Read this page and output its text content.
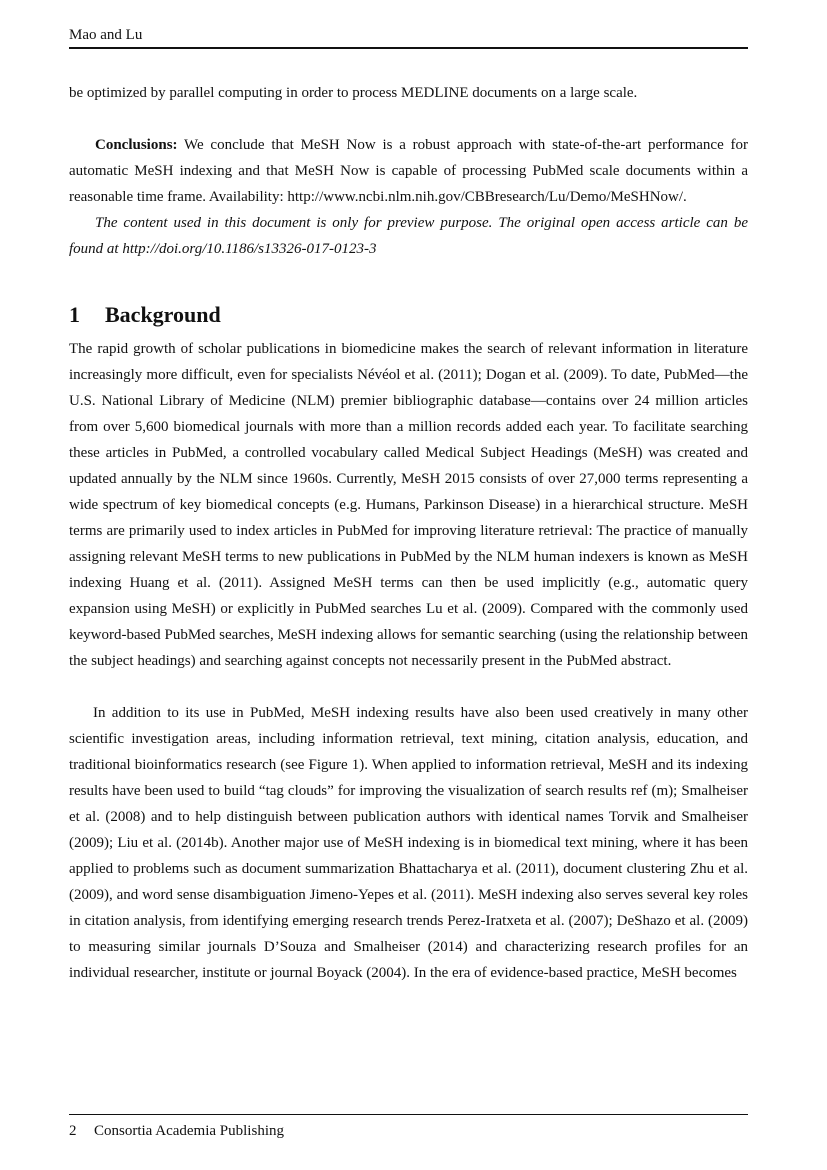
Mao and Lu

be optimized by parallel computing in order to process MEDLINE documents on a large scale.

Conclusions: We conclude that MeSH Now is a robust approach with state-of-the-art performance for automatic MeSH indexing and that MeSH Now is capable of processing PubMed scale documents within a reasonable time frame. Availability: http://www.ncbi.nlm.nih.gov/CBBresearch/Lu/Demo/MeSHNow/.

The content used in this document is only for preview purpose. The original open access article can be found at http://doi.org/10.1186/s13326-017-0123-3

1 Background

The rapid growth of scholar publications in biomedicine makes the search of relevant information in literature increasingly more difficult, even for specialists Névéol et al. (2011); Dogan et al. (2009). To date, PubMed—the U.S. National Library of Medicine (NLM) premier bibliographic database—contains over 24 million articles from over 5,600 biomedical journals with more than a million records added each year. To facilitate searching these articles in PubMed, a controlled vocabulary called Medical Subject Headings (MeSH) was created and updated annually by the NLM since 1960s. Currently, MeSH 2015 consists of over 27,000 terms representing a wide spectrum of key biomedical concepts (e.g. Humans, Parkinson Disease) in a hierarchical structure. MeSH terms are primarily used to index articles in PubMed for improving literature retrieval: The practice of manually assigning relevant MeSH terms to new publications in PubMed by the NLM human indexers is known as MeSH indexing Huang et al. (2011). Assigned MeSH terms can then be used implicitly (e.g., automatic query expansion using MeSH) or explicitly in PubMed searches Lu et al. (2009). Compared with the commonly used keyword-based PubMed searches, MeSH indexing allows for semantic searching (using the relationship between the subject headings) and searching against concepts not necessarily present in the PubMed abstract.

In addition to its use in PubMed, MeSH indexing results have also been used creatively in many other scientific investigation areas, including information retrieval, text mining, citation analysis, education, and traditional bioinformatics research (see Figure 1). When applied to information retrieval, MeSH and its indexing results have been used to build “tag clouds” for improving the visualization of search results ref (m); Smalheiser et al. (2008) and to help distinguish between publication authors with identical names Torvik and Smalheiser (2009); Liu et al. (2014b). Another major use of MeSH indexing is in biomedical text mining, where it has been applied to problems such as document summarization Bhattacharya et al. (2011), document clustering Zhu et al. (2009), and word sense disambiguation Jimeno-Yepes et al. (2011). MeSH indexing also serves several key roles in citation analysis, from identifying emerging research trends Perez-Iratxeta et al. (2007); DeShazo et al. (2009) to measuring similar journals D’Souza and Smalheiser (2014) and characterizing research profiles for an individual researcher, institute or journal Boyack (2004). In the era of evidence-based practice, MeSH becomes

2 Consortia Academia Publishing
